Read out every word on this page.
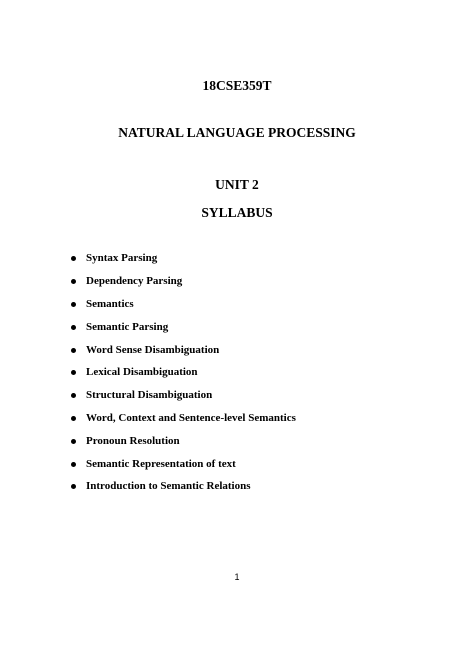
18CSE359T
NATURAL LANGUAGE PROCESSING
UNIT 2
SYLLABUS
Syntax Parsing
Dependency Parsing
Semantics
Semantic Parsing
Word Sense Disambiguation
Lexical Disambiguation
Structural Disambiguation
Word, Context and Sentence-level Semantics
Pronoun Resolution
Semantic Representation of text
Introduction to Semantic Relations
1
